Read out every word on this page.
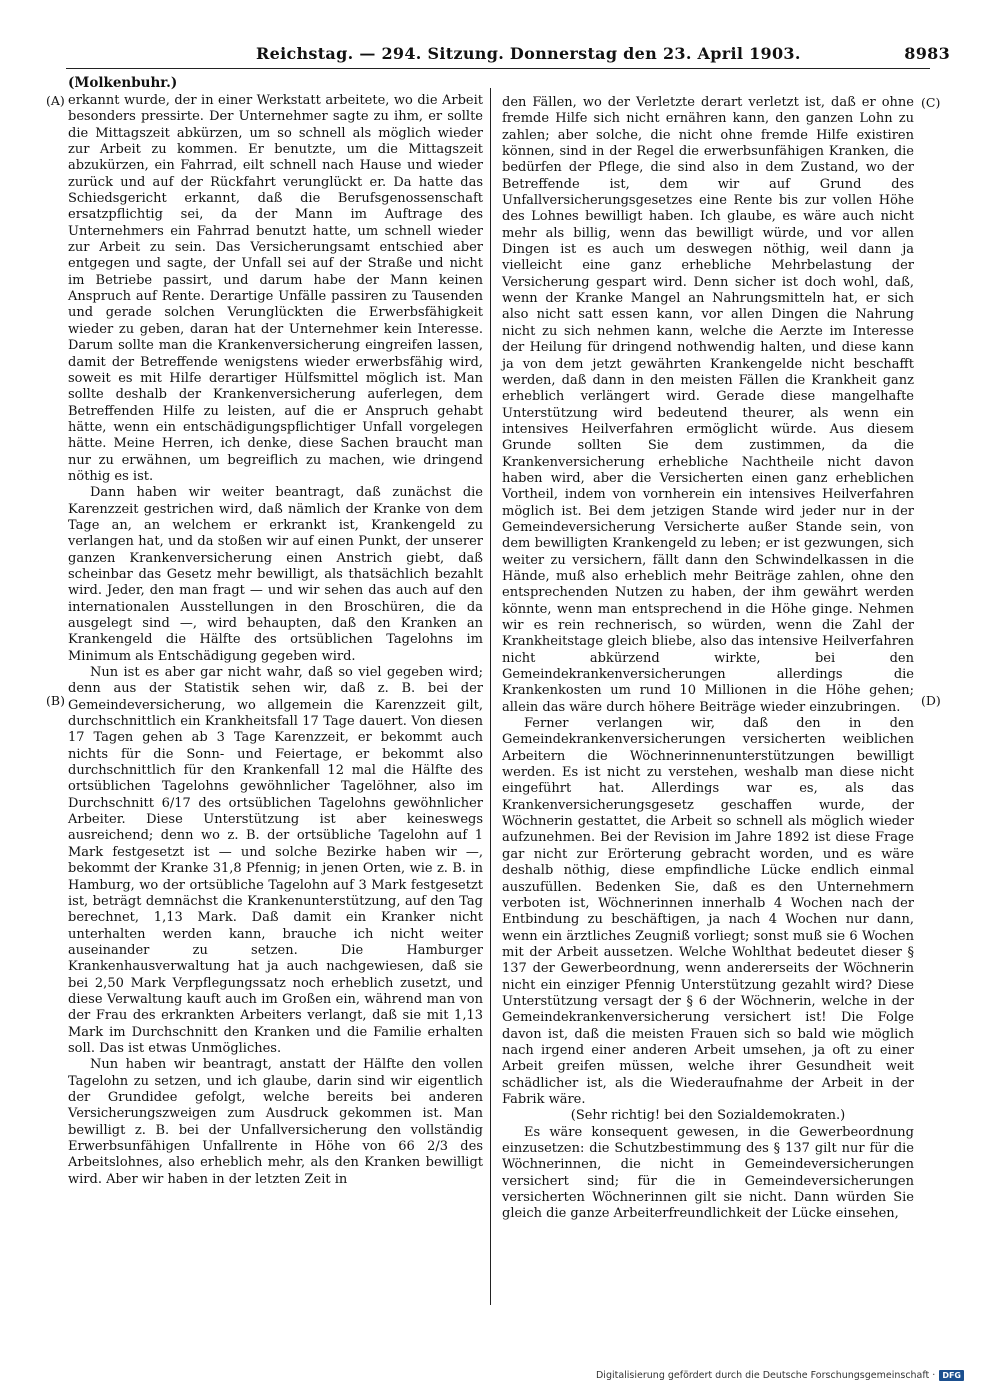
Reichstag. — 294. Sitzung. Donnerstag den 23. April 1903.	8983
(Molkenbuhr.)
(A)
(B)
(C)
(D)

erkannt wurde, der in einer Werkstatt arbeitete, wo die Arbeit besonders pressirte. Der Unternehmer sagte zu ihm, er sollte die Mittagszeit abkürzen, um so schnell als möglich wieder zur Arbeit zu kommen. Er benutzte, um die Mittagszeit abzukürzen, ein Fahrrad, eilt schnell nach Hause und wieder zurück und auf der Rückfahrt verunglückt er. Da hatte das Schiedsgericht erkannt, daß die Berufsgenossenschaft ersatzpflichtig sei, da der Mann im Auftrage des Unternehmers ein Fahrrad benutzt hatte, um schnell wieder zur Arbeit zu sein. Das Versicherungsamt entschied aber entgegen und sagte, der Unfall sei auf der Straße und nicht im Betriebe passirt, und darum habe der Mann keinen Anspruch auf Rente. Derartige Unfälle passiren zu Tausenden und gerade solchen Verunglückten die Erwerbsfähigkeit wieder zu geben, daran hat der Unternehmer kein Interesse. Darum sollte man die Krankenversicherung eingreifen lassen, damit der Betreffende wenigstens wieder erwerbsfähig wird, soweit es mit Hilfe derartiger Hülfsmittel möglich ist. Man sollte deshalb der Krankenversicherung auferlegen, dem Betreffenden Hilfe zu leisten, auf die er Anspruch gehabt hätte, wenn ein entschädigungspflichtiger Unfall vorgelegen hätte. Meine Herren, ich denke, diese Sachen braucht man nur zu erwähnen, um begreiflich zu machen, wie dringend nöthig es ist.

Dann haben wir weiter beantragt, daß zunächst die Karenzzeit gestrichen wird, daß nämlich der Kranke von dem Tage an, an welchem er erkrankt ist, Krankengeld zu verlangen hat, und da stoßen wir auf einen Punkt, der unserer ganzen Krankenversicherung einen Anstrich giebt, daß scheinbar das Gesetz mehr bewilligt, als thatsächlich bezahlt wird. Jeder, den man fragt — und wir sehen das auch auf den internationalen Ausstellungen in den Broschüren, die da ausgelegt sind —, wird behaupten, daß den Kranken an Krankengeld die Hälfte des ortsüblichen Tagelohns im Minimum als Entschädigung gegeben wird.

Nun ist es aber gar nicht wahr, daß so viel gegeben wird; denn aus der Statistik sehen wir, daß z. B. bei der Gemeindeversicherung, wo allgemein die Karenzzeit gilt, durchschnittlich ein Krankheitsfall 17 Tage dauert. Von diesen 17 Tagen gehen ab 3 Tage Karenzzeit, er bekommt auch nichts für die Sonn- und Feiertage, er bekommt also durchschnittlich für den Krankenfall 12 mal die Hälfte des ortsüblichen Tagelohns gewöhnlicher Tagelöhner, also im Durchschnitt 6/17 des ortsüblichen Tagelohns gewöhnlicher Arbeiter. Diese Unterstützung ist aber keineswegs ausreichend; denn wo z. B. der ortsübliche Tagelohn auf 1 Mark festgesetzt ist — und solche Bezirke haben wir —, bekommt der Kranke 31,8 Pfennig; in jenen Orten, wie z. B. in Hamburg, wo der ortsübliche Tagelohn auf 3 Mark festgesetzt ist, beträgt demnächst die Krankenunterstützung, auf den Tag berechnet, 1,13 Mark. Daß damit ein Kranker nicht unterhalten werden kann, brauche ich nicht weiter auseinander zu setzen. Die Hamburger Krankenhausverwaltung hat ja auch nachgewiesen, daß sie bei 2,50 Mark Verpflegungssatz noch erheblich zusetzt, und diese Verwaltung kauft auch im Großen ein, während man von der Frau des erkrankten Arbeiters verlangt, daß sie mit 1,13 Mark im Durchschnitt den Kranken und die Familie erhalten soll. Das ist etwas Unmögliches.

Nun haben wir beantragt, anstatt der Hälfte den vollen Tagelohn zu setzen, und ich glaube, darin sind wir eigentlich der Grundidee gefolgt, welche bereits bei anderen Versicherungszweigen zum Ausdruck gekommen ist. Man bewilligt z. B. bei der Unfallversicherung den vollständig Erwerbsunfähigen Unfallrente in Höhe von 66 2/3 des Arbeitslohnes, also erheblich mehr, als den Kranken bewilligt wird. Aber wir haben in der letzten Zeit in

den Fällen, wo der Verletzte derart verletzt ist, daß er ohne fremde Hilfe sich nicht ernähren kann, den ganzen Lohn zu zahlen; aber solche, die nicht ohne fremde Hilfe existiren können, sind in der Regel die erwerbsunfähigen Kranken, die bedürfen der Pflege, die sind also in dem Zustand, wo der Betreffende ist, dem wir auf Grund des Unfallversicherungsgesetzes eine Rente bis zur vollen Höhe des Lohnes bewilligt haben. Ich glaube, es wäre auch nicht mehr als billig, wenn das bewilligt würde, und vor allen Dingen ist es auch um deswegen nöthig, weil dann ja vielleicht eine ganz erhebliche Mehrbelastung der Versicherung gespart wird. Denn sicher ist doch wohl, daß, wenn der Kranke Mangel an Nahrungsmitteln hat, er sich also nicht satt essen kann, vor allen Dingen die Nahrung nicht zu sich nehmen kann, welche die Aerzte im Interesse der Heilung für dringend nothwendig halten, und diese kann ja von dem jetzt gewährten Krankengelde nicht beschafft werden, daß dann in den meisten Fällen die Krankheit ganz erheblich verlängert wird. Gerade diese mangelhafte Unterstützung wird bedeutend theurer, als wenn ein intensives Heilverfahren ermöglicht würde. Aus diesem Grunde sollten Sie dem zustimmen, da die Krankenversicherung erhebliche Nachtheile nicht davon haben wird, aber die Versicherten einen ganz erheblichen Vortheil, indem von vornherein ein intensives Heilverfahren möglich ist. Bei dem jetzigen Stande wird jeder nur in der Gemeindeversicherung Versicherte außer Stande sein, von dem bewilligten Krankengeld zu leben; er ist gezwungen, sich weiter zu versichern, fällt dann den Schwindelkassen in die Hände, muß also erheblich mehr Beiträge zahlen, ohne den entsprechenden Nutzen zu haben, der ihm gewährt werden könnte, wenn man entsprechend in die Höhe ginge. Nehmen wir es rein rechnerisch, so würden, wenn die Zahl der Krankheitstage gleich bliebe, also das intensive Heilverfahren nicht abkürzend wirkte, bei den Gemeindekrankenversicherungen allerdings die Krankenkosten um rund 10 Millionen in die Höhe gehen; allein das wäre durch höhere Beiträge wieder einzubringen.

Ferner verlangen wir, daß den in den Gemeindekrankenversicherungen versicherten weiblichen Arbeitern die Wöchnerinnenunterstützungen bewilligt werden. Es ist nicht zu verstehen, weshalb man diese nicht eingeführt hat. Allerdings war es, als das Krankenversicherungsgesetz geschaffen wurde, der Wöchnerin gestattet, die Arbeit so schnell als möglich wieder aufzunehmen. Bei der Revision im Jahre 1892 ist diese Frage gar nicht zur Erörterung gebracht worden, und es wäre deshalb nöthig, diese empfindliche Lücke endlich einmal auszufüllen. Bedenken Sie, daß es den Unternehmern verboten ist, Wöchnerinnen innerhalb 4 Wochen nach der Entbindung zu beschäftigen, ja nach 4 Wochen nur dann, wenn ein ärztliches Zeugniß vorliegt; sonst muß sie 6 Wochen mit der Arbeit aussetzen. Welche Wohlthat bedeutet dieser § 137 der Gewerbeordnung, wenn andererseits der Wöchnerin nicht ein einziger Pfennig Unterstützung gezahlt wird? Diese Unterstützung versagt der § 6 der Wöchnerin, welche in der Gemeindekrankenversicherung versichert ist! Die Folge davon ist, daß die meisten Frauen sich so bald wie möglich nach irgend einer anderen Arbeit umsehen, ja oft zu einer Arbeit greifen müssen, welche ihrer Gesundheit weit schädlicher ist, als die Wiederaufnahme der Arbeit in der Fabrik wäre.

(Sehr richtig! bei den Sozialdemokraten.)

Es wäre konsequent gewesen, in die Gewerbeordnung einzusetzen: die Schutzbestimmung des § 137 gilt nur für die Wöchnerinnen, die nicht in Gemeindeversicherungen versichert sind; für die in Gemeindeversicherungen versicherten Wöchnerinnen gilt sie nicht. Dann würden Sie gleich die ganze Arbeiterfreundlichkeit der Lücke einsehen,

Digitalisierung gefördert durch die Deutsche Forschungsgemeinschaft · DFG
